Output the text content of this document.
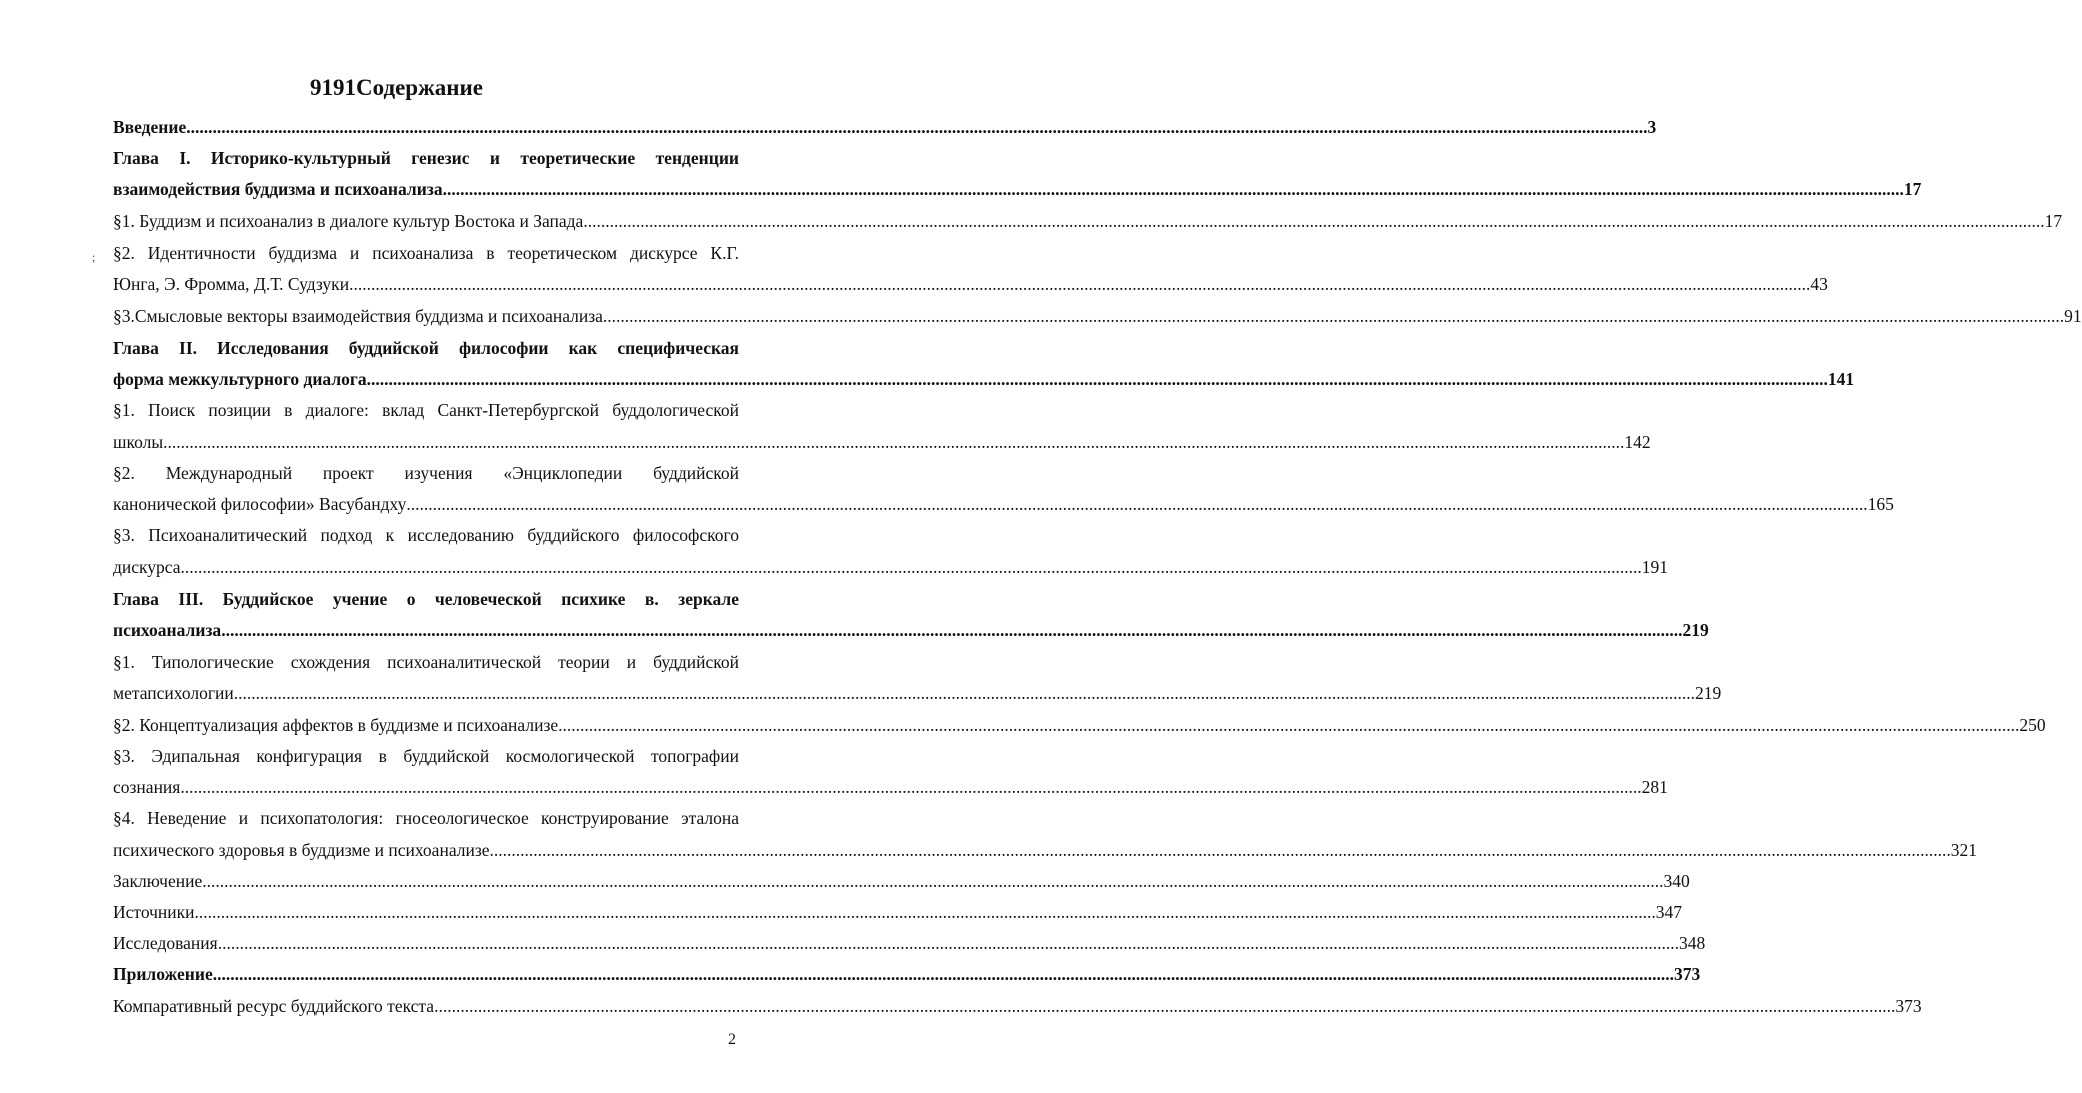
9191Содержание
Введение .............................................................................................................................................................................................................................................................................................................................................. 3
Глава I. Историко-культурный генезис и теоретические тенденции
взаимодействия буддизма и психоанализа .............................................................................................................................................................................................................................................................................................................................................. 17
§1. Буддизм и психоанализ в диалоге культур Востока и Запада .............................................................................................................................................................................................................................................................................................................................................. 17
§2. Идентичности буддизма и психоанализа в теоретическом дискурсе К.Г.
Юнга, Э. Фромма, Д.Т. Судзуки .............................................................................................................................................................................................................................................................................................................................................. 43
§3.Смысловые векторы взаимодействия буддизма и психоанализа .............................................................................................................................................................................................................................................................................................................................................. 91
Глава II. Исследования буддийской философии как специфическая
форма межкультурного диалога .............................................................................................................................................................................................................................................................................................................................................. 141
§1. Поиск позиции в диалоге: вклад Санкт-Петербургской буддологической
школы .............................................................................................................................................................................................................................................................................................................................................. 142
§2. Международный проект изучения «Энциклопедии буддийской
канонической философии» Васубандху .............................................................................................................................................................................................................................................................................................................................................. 165
§3. Психоаналитический подход к исследованию буддийского философского
дискурса .............................................................................................................................................................................................................................................................................................................................................. 191
Глава III. Буддийское учение о человеческой психике в. зеркале
психоанализа .............................................................................................................................................................................................................................................................................................................................................. 219
§1. Типологические схождения психоаналитической теории и буддийской
метапсихологии .............................................................................................................................................................................................................................................................................................................................................. 219
§2. Концептуализация аффектов в буддизме и психоанализе .............................................................................................................................................................................................................................................................................................................................................. 250
§3. Эдипальная конфигурация в буддийской космологической топографии
сознания .............................................................................................................................................................................................................................................................................................................................................. 281
§4. Неведение и психопатология: гносеологическое конструирование эталона
психического здоровья в буддизме и психоанализе .............................................................................................................................................................................................................................................................................................................................................. 321
Заключение .............................................................................................................................................................................................................................................................................................................................................. 340
Источники .............................................................................................................................................................................................................................................................................................................................................. 347
Исследования .............................................................................................................................................................................................................................................................................................................................................. 348
Приложение .............................................................................................................................................................................................................................................................................................................................................. 373
Компаративный ресурс буддийского текста .............................................................................................................................................................................................................................................................................................................................................. 373
;
2
